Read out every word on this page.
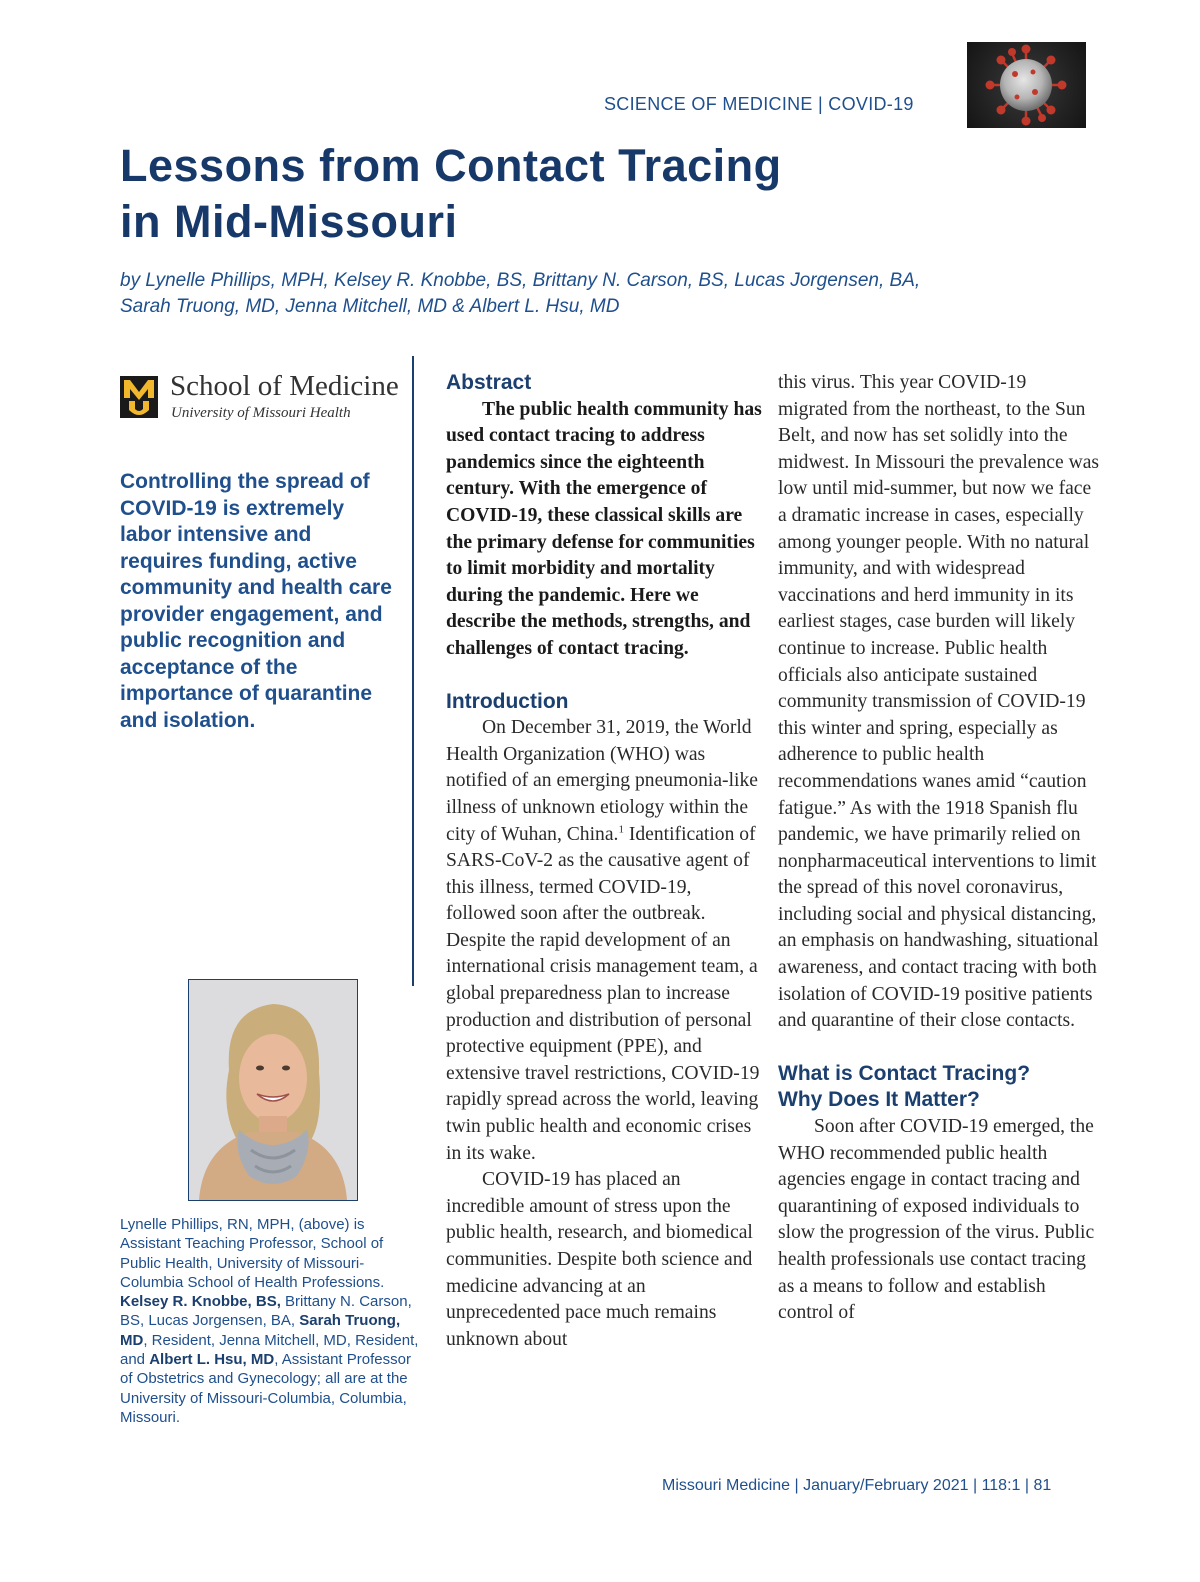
SCIENCE OF MEDICINE | COVID-19
Lessons from Contact Tracing
in Mid-Missouri
by Lynelle Phillips, MPH, Kelsey R. Knobbe, BS, Brittany N. Carson, BS, Lucas Jorgensen, BA,
Sarah Truong, MD, Jenna Mitchell, MD & Albert L. Hsu, MD
School of Medicine
University of Missouri Health
Controlling the spread of COVID-19 is extremely labor intensive and requires funding, active community and health care provider engagement, and public recognition and acceptance of the importance of quarantine and isolation.
Lynelle Phillips, RN, MPH, (above) is Assistant Teaching Professor, School of Public Health, University of Missouri-Columbia School of Health Professions. Kelsey R. Knobbe, BS, Brittany N. Carson, BS, Lucas Jorgensen, BA, Sarah Truong, MD, Resident, Jenna Mitchell, MD, Resident, and Albert L. Hsu, MD, Assistant Professor of Obstetrics and Gynecology; all are at the University of Missouri-Columbia, Columbia, Missouri.
Abstract

The public health community has used contact tracing to address pandemics since the eighteenth century. With the emergence of COVID-19, these classical skills are the primary defense for communities to limit morbidity and mortality during the pandemic. Here we describe the methods, strengths, and challenges of contact tracing.

Introduction

On December 31, 2019, the World Health Organization (WHO) was notified of an emerging pneumonia-like illness of unknown etiology within the city of Wuhan, China.$^1$ Identification of SARS-CoV-2 as the causative agent of this illness, termed COVID-19, followed soon after the outbreak. Despite the rapid development of an international crisis management team, a global preparedness plan to increase production and distribution of personal protective equipment (PPE), and extensive travel restrictions, COVID-19 rapidly spread across the world, leaving twin public health and economic crises in its wake.

COVID-19 has placed an incredible amount of stress upon the public health, research, and biomedical communities. Despite both science and medicine advancing at an unprecedented pace much remains unknown about

this virus. This year COVID-19 migrated from the northeast, to the Sun Belt, and now has set solidly into the midwest. In Missouri the prevalence was low until mid-summer, but now we face a dramatic increase in cases, especially among younger people. With no natural immunity, and with widespread vaccinations and herd immunity in its earliest stages, case burden will likely continue to increase. Public health officials also anticipate sustained community transmission of COVID-19 this winter and spring, especially as adherence to public health recommendations wanes amid “caution fatigue.” As with the 1918 Spanish flu pandemic, we have primarily relied on nonpharmaceutical interventions to limit the spread of this novel coronavirus, including social and physical distancing, an emphasis on handwashing, situational awareness, and contact tracing with both isolation of COVID-19 positive patients and quarantine of their close contacts.

What is Contact Tracing?
Why Does It Matter?

Soon after COVID-19 emerged, the WHO recommended public health agencies engage in contact tracing and quarantining of exposed individuals to slow the progression of the virus. Public health professionals use contact tracing as a means to follow and establish control of

Missouri Medicine | January/February 2021 | 118:1 | 81
